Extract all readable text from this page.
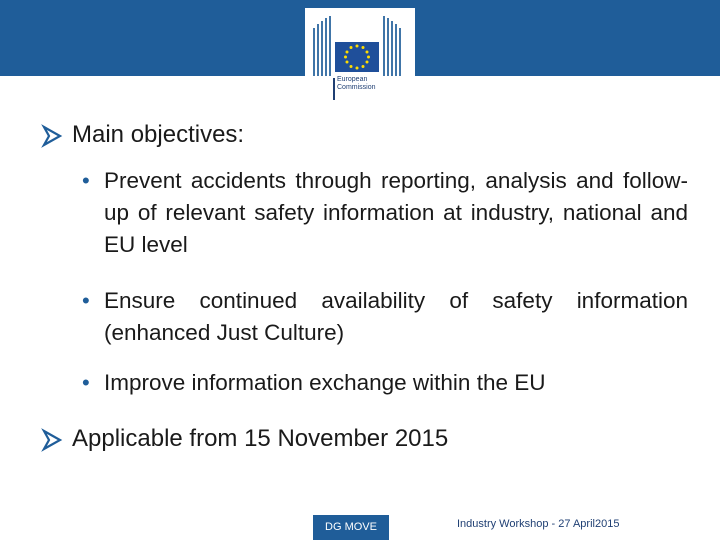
European
Commission
Main objectives:
• Prevent accidents through reporting, analysis and follow-up of relevant safety information at industry, national and EU level
• Ensure continued availability of safety information (enhanced Just Culture)
• Improve information exchange within the EU
Applicable from 15 November 2015
DG MOVE	Industry Workshop - 27 April2015
